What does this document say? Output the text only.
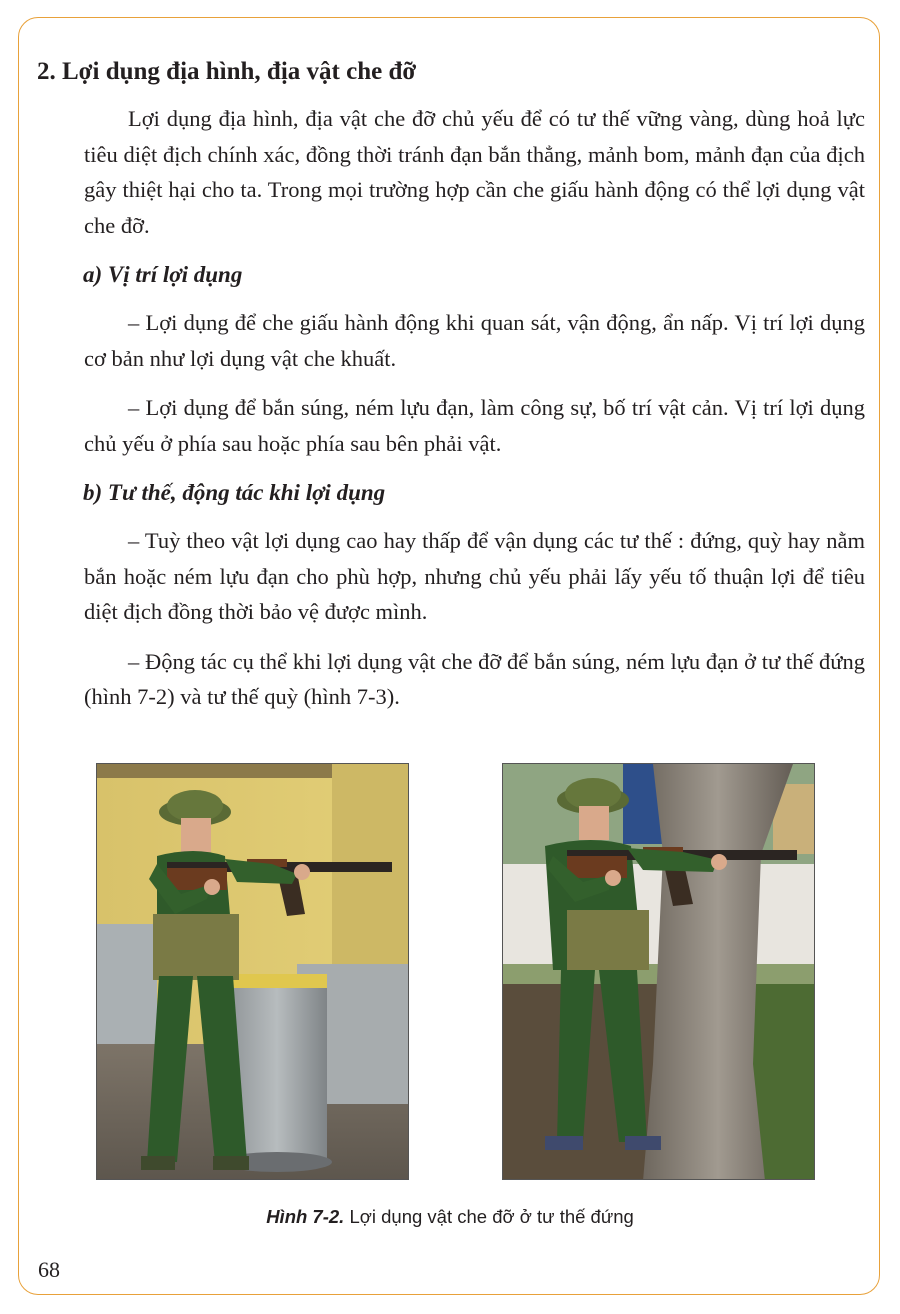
2. Lợi dụng địa hình, địa vật che đỡ

Lợi dụng địa hình, địa vật che đỡ chủ yếu để có tư thế vững vàng, dùng hoả lực tiêu diệt địch chính xác, đồng thời tránh đạn bắn thẳng, mảnh bom, mảnh đạn của địch gây thiệt hại cho ta. Trong mọi trường hợp cần che giấu hành động có thể lợi dụng vật che đỡ.

a) Vị trí lợi dụng

– Lợi dụng để che giấu hành động khi quan sát, vận động, ẩn nấp. Vị trí lợi dụng cơ bản như lợi dụng vật che khuất.

– Lợi dụng để bắn súng, ném lựu đạn, làm công sự, bố trí vật cản. Vị trí lợi dụng chủ yếu ở phía sau hoặc phía sau bên phải vật.

b) Tư thế, động tác khi lợi dụng

– Tuỳ theo vật lợi dụng cao hay thấp để vận dụng các tư thế : đứng, quỳ hay nằm bắn hoặc ném lựu đạn cho phù hợp, nhưng chủ yếu phải lấy yếu tố thuận lợi để tiêu diệt địch đồng thời bảo vệ được mình.

– Động tác cụ thể khi lợi dụng vật che đỡ để bắn súng, ném lựu đạn ở tư thế đứng (hình 7-2) và tư thế quỳ (hình 7-3).

Hình 7-2. Lợi dụng vật che đỡ ở tư thế đứng
68
